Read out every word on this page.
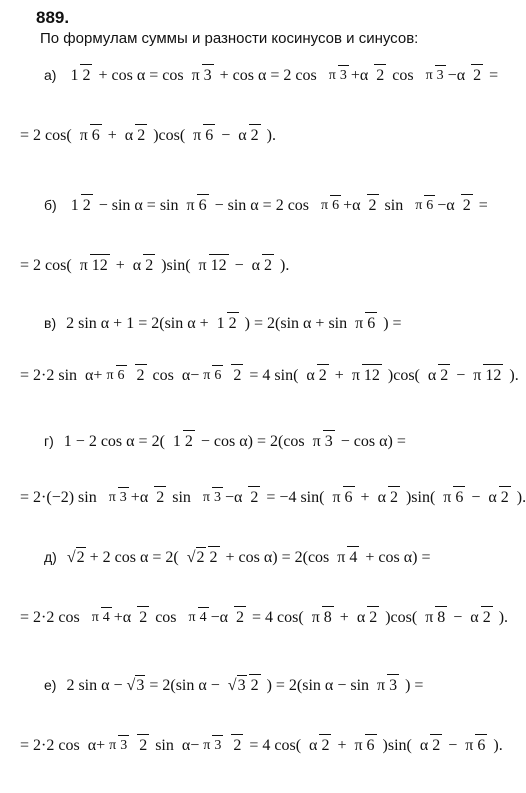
889.
По формулам суммы и разности косинусов и синусов:
а) 1 2 + cos α = cos π 3 + cos α = 2 cos π 3 +α 2 cos π 3 −α 2 =
= 2 cos( π 6 + α 2 )cos( π 6 − α 2 ).
б) 1 2 − sin α = sin π 6 − sin α = 2 cos π 6 +α 2 sin π 6 −α 2 =
= 2 cos( π 12 + α 2 )sin( π 12 − α 2 ).
в) 2 sin α + 1 = 2(sin α + 1 2 ) = 2(sin α + sin π 6 ) =
= 2·2 sin α+ π 6 2 cos α− π 6 2 = 4 sin( α 2 + π 12 )cos( α 2 − π 12 ).
г) 1 − 2 cos α = 2( 1 2 − cos α) = 2(cos π 3 − cos α) =
= 2·(−2) sin π 3 +α 2 sin π 3 −α 2 = −4 sin( π 6 + α 2 )sin( π 6 − α 2 ).
д) √2 + 2 cos α = 2( √2 2 + cos α) = 2(cos π 4 + cos α) =
= 2·2 cos π 4 +α 2 cos π 4 −α 2 = 4 cos( π 8 + α 2 )cos( π 8 − α 2 ).
е) 2 sin α − √3 = 2(sin α − √3 2 ) = 2(sin α − sin π 3 ) =
= 2·2 cos α+ π 3 2 sin α− π 3 2 = 4 cos( α 2 + π 6 )sin( α 2 − π 6 ).
